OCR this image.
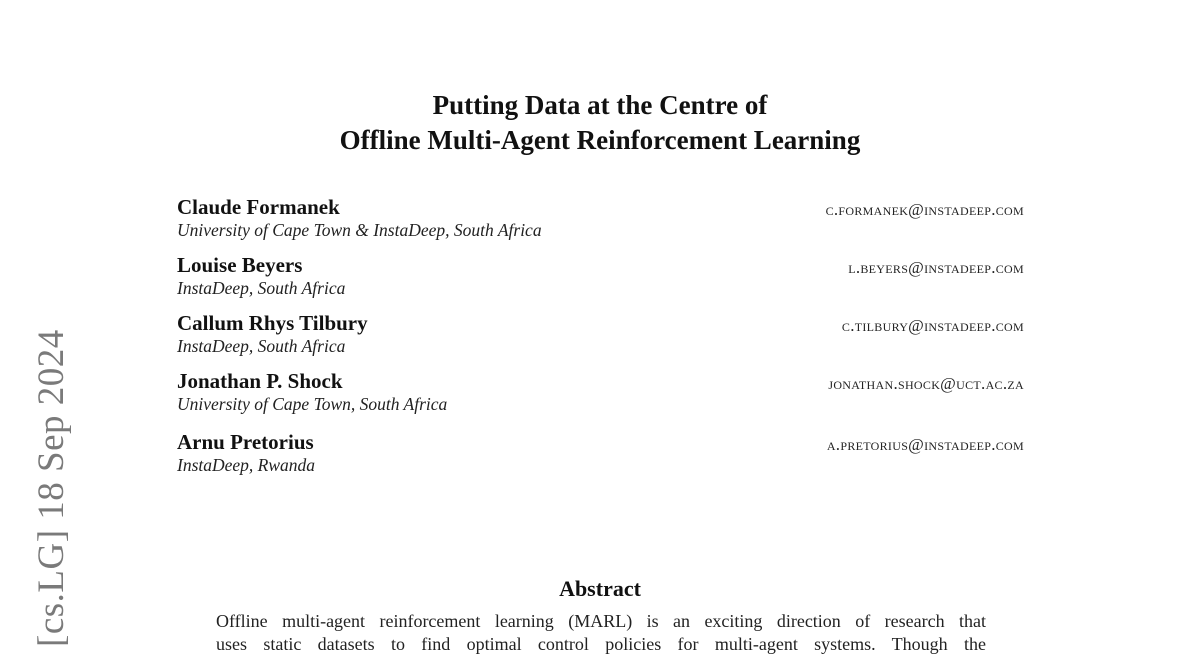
[cs.LG] 18 Sep 2024
Putting Data at the Centre of
Offline Multi-Agent Reinforcement Learning
Claude Formanek
University of Cape Town & InstaDeep, South Africa
c.formanek@instadeep.com
Louise Beyers
InstaDeep, South Africa
l.beyers@instadeep.com
Callum Rhys Tilbury
InstaDeep, South Africa
c.tilbury@instadeep.com
Jonathan P. Shock
University of Cape Town, South Africa
jonathan.shock@uct.ac.za
Arnu Pretorius
InstaDeep, Rwanda
a.pretorius@instadeep.com
Abstract
Offline multi-agent reinforcement learning (MARL) is an exciting direction of research that
uses static datasets to find optimal control policies for multi-agent systems. Though the
